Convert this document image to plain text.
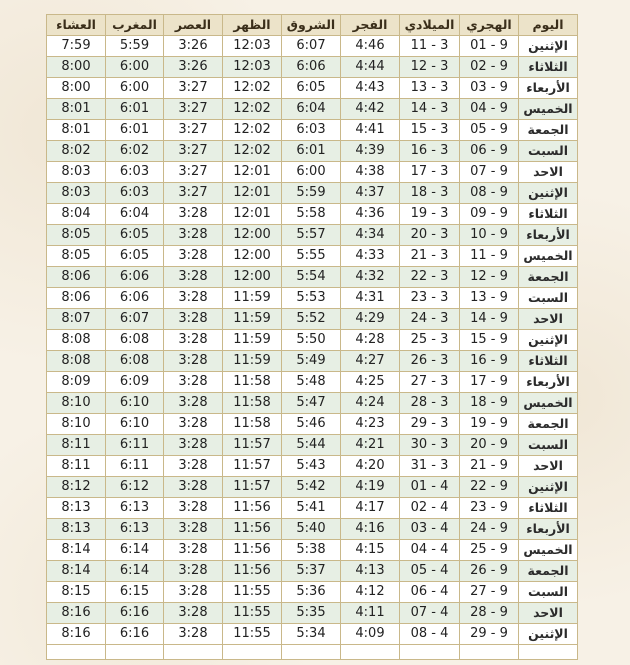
اليوم	الهجري	الميلادي	الفجر	الشروق	الظهر	العصر	المغرب	العشاء
الإثنين	01 - 9	11 - 3	4:46	6:07	12:03	3:26	5:59	7:59
الثلاثاء	02 - 9	12 - 3	4:44	6:06	12:03	3:26	6:00	8:00
الأربعاء	03 - 9	13 - 3	4:43	6:05	12:02	3:27	6:00	8:00
الخميس	04 - 9	14 - 3	4:42	6:04	12:02	3:27	6:01	8:01
الجمعة	05 - 9	15 - 3	4:41	6:03	12:02	3:27	6:01	8:01
السبت	06 - 9	16 - 3	4:39	6:01	12:02	3:27	6:02	8:02
الاحد	07 - 9	17 - 3	4:38	6:00	12:01	3:27	6:03	8:03
الإثنين	08 - 9	18 - 3	4:37	5:59	12:01	3:27	6:03	8:03
الثلاثاء	09 - 9	19 - 3	4:36	5:58	12:01	3:28	6:04	8:04
الأربعاء	10 - 9	20 - 3	4:34	5:57	12:00	3:28	6:05	8:05
الخميس	11 - 9	21 - 3	4:33	5:55	12:00	3:28	6:05	8:05
الجمعة	12 - 9	22 - 3	4:32	5:54	12:00	3:28	6:06	8:06
السبت	13 - 9	23 - 3	4:31	5:53	11:59	3:28	6:06	8:06
الاحد	14 - 9	24 - 3	4:29	5:52	11:59	3:28	6:07	8:07
الإثنين	15 - 9	25 - 3	4:28	5:50	11:59	3:28	6:08	8:08
الثلاثاء	16 - 9	26 - 3	4:27	5:49	11:59	3:28	6:08	8:08
الأربعاء	17 - 9	27 - 3	4:25	5:48	11:58	3:28	6:09	8:09
الخميس	18 - 9	28 - 3	4:24	5:47	11:58	3:28	6:10	8:10
الجمعة	19 - 9	29 - 3	4:23	5:46	11:58	3:28	6:10	8:10
السبت	20 - 9	30 - 3	4:21	5:44	11:57	3:28	6:11	8:11
الاحد	21 - 9	31 - 3	4:20	5:43	11:57	3:28	6:11	8:11
الإثنين	22 - 9	01 - 4	4:19	5:42	11:57	3:28	6:12	8:12
الثلاثاء	23 - 9	02 - 4	4:17	5:41	11:56	3:28	6:13	8:13
الأربعاء	24 - 9	03 - 4	4:16	5:40	11:56	3:28	6:13	8:13
الخميس	25 - 9	04 - 4	4:15	5:38	11:56	3:28	6:14	8:14
الجمعة	26 - 9	05 - 4	4:13	5:37	11:56	3:28	6:14	8:14
السبت	27 - 9	06 - 4	4:12	5:36	11:55	3:28	6:15	8:15
الاحد	28 - 9	07 - 4	4:11	5:35	11:55	3:28	6:16	8:16
الإثنين	29 - 9	08 - 4	4:09	5:34	11:55	3:28	6:16	8:16
